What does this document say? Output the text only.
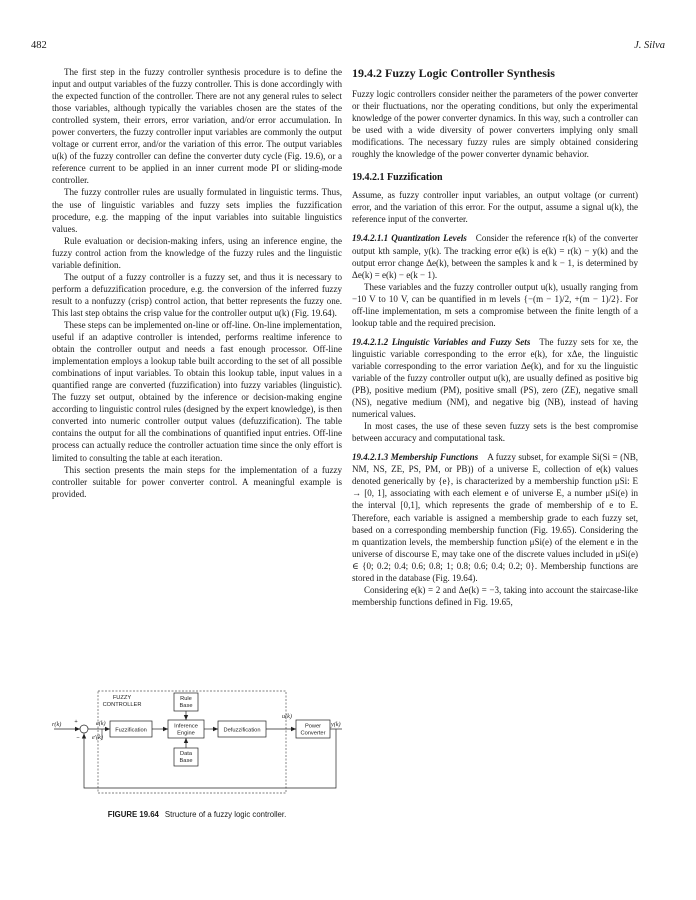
482	J. Silva

The first step in the fuzzy controller synthesis procedure is to define the input and output variables of the fuzzy controller. This is done accordingly with the expected function of the controller. There are not any general rules to select those variables, although typically the variables chosen are the states of the controlled system, their errors, error variation, and/or error accumulation. In power converters, the fuzzy controller input variables are commonly the output voltage or current error, and/or the variation of this error. The output variables u(k) of the fuzzy controller can define the converter duty cycle (Fig. 19.6), or a reference current to be applied in an inner current mode PI or sliding-mode controller.

The fuzzy controller rules are usually formulated in linguistic terms. Thus, the use of linguistic variables and fuzzy sets implies the fuzzification procedure, e.g. the mapping of the input variables into suitable linguistics values.

Rule evaluation or decision-making infers, using an inference engine, the fuzzy control action from the knowledge of the fuzzy rules and the linguistic variable definition.

The output of a fuzzy controller is a fuzzy set, and thus it is necessary to perform a defuzzification procedure, e.g. the conversion of the inferred fuzzy result to a nonfuzzy (crisp) control action, that better represents the fuzzy one. This last step obtains the crisp value for the controller output u(k) (Fig. 19.64).

These steps can be implemented on-line or off-line. On-line implementation, useful if an adaptive controller is intended, performs realtime inference to obtain the controller output and needs a fast enough processor. Off-line implementation employs a lookup table built according to the set of all possible combinations of input variables. To obtain this lookup table, input values in a quantified range are converted (fuzzification) into fuzzy variables (linguistic). The fuzzy set output, obtained by the inference or decision-making engine according to linguistic control rules (designed by the expert knowledge), is then converted into numeric controller output values (defuzzification). The table contains the output for all the combinations of quantified input entries. Off-line process can actually reduce the controller actuation time since the only effort is limited to consulting the table at each iteration.

This section presents the main steps for the implementation of a fuzzy controller suitable for power converter control. A meaningful example is provided.

FUZZY
CONTROLLER
Rule
Base
Fuzzification
Inference
Engine	Defuzzification
Power
Converter
Data
Base
+
−
r(k)	e(k)
e'(k)
u(k)
y(k)
FIGURE 19.64 Structure of a fuzzy logic controller.
19.4.2 Fuzzy Logic Controller Synthesis

Fuzzy logic controllers consider neither the parameters of the power converter or their fluctuations, nor the operating conditions, but only the experimental knowledge of the power converter dynamics. In this way, such a controller can be used with a wide diversity of power converters implying only small modifications. The necessary fuzzy rules are simply obtained considering roughly the knowledge of the power converter dynamic behavior.

19.4.2.1 Fuzzification

Assume, as fuzzy controller input variables, an output voltage (or current) error, and the variation of this error. For the output, assume a signal u(k), the reference input of the converter.

19.4.2.1.1 Quantization Levels  Consider the reference r(k) of the converter output kth sample, y(k). The tracking error e(k) is e(k) = r(k) − y(k) and the output error change Δe(k), between the samples k and k − 1, is determined by Δe(k) = e(k) − e(k − 1).

These variables and the fuzzy controller output u(k), usually ranging from −10 V to 10 V, can be quantified in m levels {−(m − 1)/2, +(m − 1)/2}. For off-line implementation, m sets a compromise between the finite length of a lookup table and the required precision.

19.4.2.1.2 Linguistic Variables and Fuzzy Sets  The fuzzy sets for xe, the linguistic variable corresponding to the error e(k), for xΔe, the linguistic variable corresponding to the error variation Δe(k), and for xu the linguistic variable of the fuzzy controller output u(k), are usually defined as positive big (PB), positive medium (PM), positive small (PS), zero (ZE), negative small (NS), negative medium (NM), and negative big (NB), instead of having numerical values.

In most cases, the use of these seven fuzzy sets is the best compromise between accuracy and computational task.

19.4.2.1.3 Membership Functions  A fuzzy subset, for example Si(Si = (NB, NM, NS, ZE, PS, PM, or PB)) of a universe E, collection of e(k) values denoted generically by {e}, is characterized by a membership function μSi: E → [0, 1], associating with each element e of universe E, a number μSi(e) in the interval [0,1], which represents the grade of membership of e to E. Therefore, each variable is assigned a membership grade to each fuzzy set, based on a corresponding membership function (Fig. 19.65). Considering the m quantization levels, the membership function μSi(e) of the element e in the universe of discourse E, may take one of the discrete values included in μSi(e) ∈ {0; 0.2; 0.4; 0.6; 0.8; 1; 0.8; 0.6; 0.4; 0.2; 0}. Membership functions are stored in the database (Fig. 19.64).

Considering e(k) = 2 and Δe(k) = −3, taking into account the staircase-like membership functions defined in Fig. 19.65,
